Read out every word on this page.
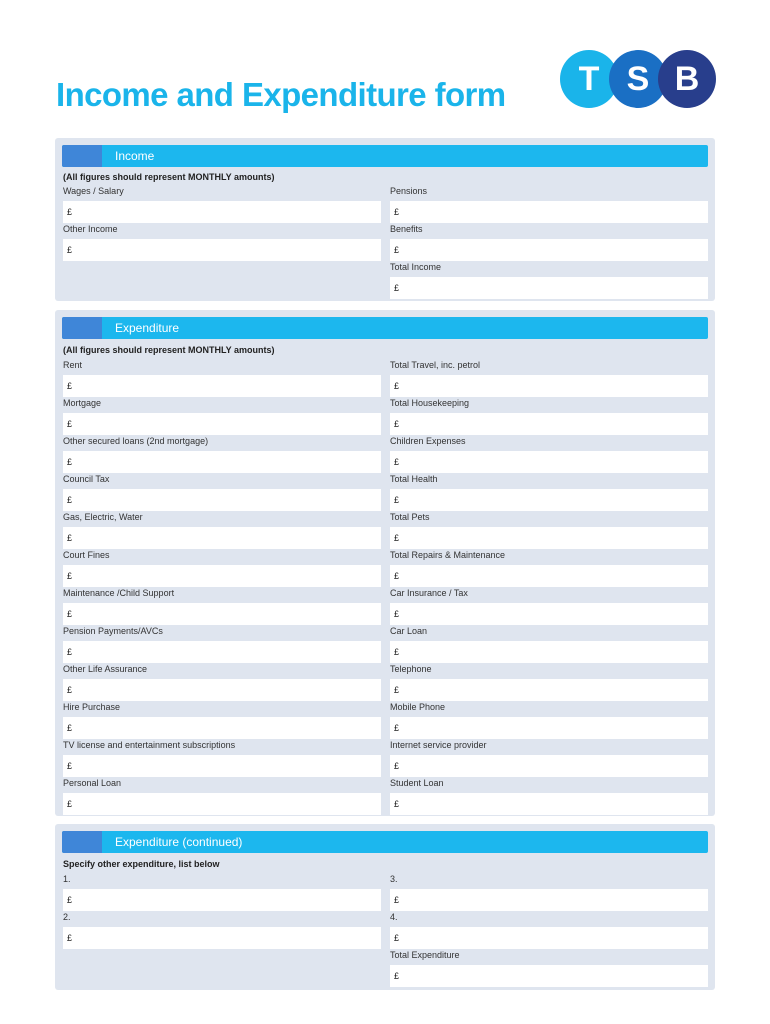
Income and Expenditure form	T S B
Income
(All figures should represent MONTHLY amounts)
Wages / Salary
£
Pensions
£
Other Income
£
Benefits
£
Total Income
£
Expenditure
(All figures should represent MONTHLY amounts)
Rent
£
Total Travel, inc. petrol
£
Mortgage
£
Total Housekeeping
£
Other secured loans (2nd mortgage)
£
Children Expenses
£
Council Tax
£
Total Health
£
Gas, Electric, Water
£
Total Pets
£
Court Fines
£
Total Repairs & Maintenance
£
Maintenance /Child Support
£
Car Insurance / Tax
£
Pension Payments/AVCs
£
Car Loan
£
Other Life Assurance
£
Telephone
£
Hire Purchase
£
Mobile Phone
£
TV license and entertainment subscriptions
£
Internet service provider
£
Personal Loan
£
Student Loan
£
Expenditure (continued)
Specify other expenditure, list below
1.
£
3.
£
2.
£
4.
£
Total Expenditure
£
